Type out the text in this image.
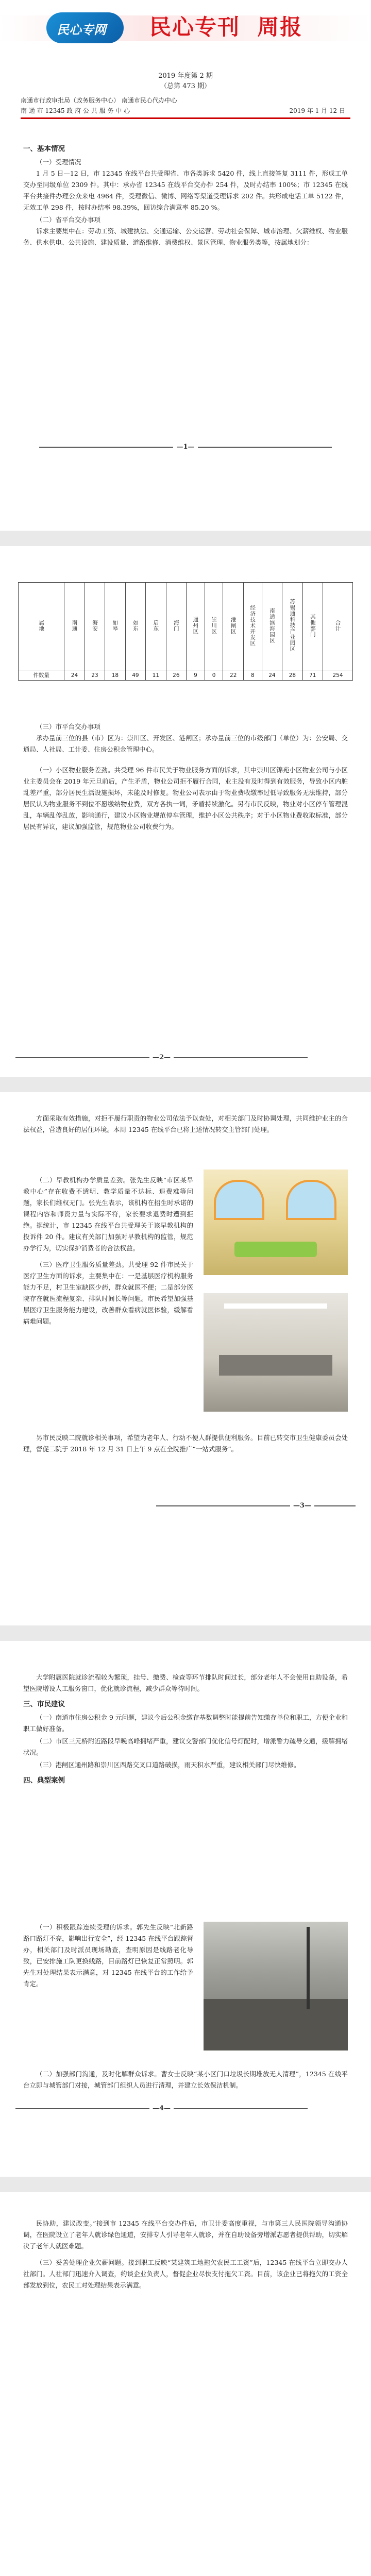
民心专网 民心专刊  周报
2019 年度第 2 期
（总第 473 期）
南通市行政审批局（政务服务中心） 南通市民心代办中心
南 通 市 12345 政 府 公 共 服 务 中 心	2019 年 1 月 12 日
一、基本情况
（一）受理情况

1 月 5 日—12 日，市 12345 在线平台共受理省、市各类诉求 5420 件，线上直接答复 3111 件，形成工单交办至同级单位 2309 件。其中：承办省 12345 在线平台交办件 254 件，及时办结率 100%；市 12345 在线平台共接件办理公众来电 4964 件，受理微信、微博、网络等渠道受理诉求 202 件。共形成电话工单 5122 件，无效工单 298 件，按时办结率 98.39%，回访综合满意率 85.20 %。

（二）省平台交办事项

诉求主要集中在：劳动工资、城建执法、交通运输、公交运营、劳动社会保障、城市治理、欠薪维权、物业服务、供水供电、公共设施、建设质量、道路维修、消费维权、景区管理、物业服务类等，按属地划分：

—1—
属地	南通	海安	如皋	如东	启东	海门	通州区	崇川区	港闸区	经济技术开发区	南通滨海园区	苏锡通科技产业园区	其他部门	合计
件数量	24	23	18	49	11	26	9	0	22	8	24	28	71	254
（三）市平台交办事项

承办量前三位的县（市）区为：崇川区、开发区、港闸区；承办量前三位的市级部门（单位）为：公安局、交通局、人社局、工计委、住房公积金管理中心。

（一）小区物业服务差劲。共受理 96 件市民关于物业服务方面的诉求，其中崇川区锦苑小区物业公司与小区业主委员会在 2019 年元旦前后，产生矛盾，物业公司拒不履行合同，业主没有及时得到有效服务，导致小区内脏乱差严重，部分居民生活设施损坏，未能及时修复。物业公司表示由于物业费收缴率过低导致服务无法维持，部分居民认为物业服务不到位不愿缴纳物业费，双方各执一词，矛盾持续激化。另有市民反映，物业对小区停车管理混乱，车辆乱停乱放，影响通行，建议小区物业规范停车管理，维护小区公共秩序；对于小区物业费收取标准，部分居民有异议，建议加强监管，规范物业公司收费行为。

—2—

方面采取有效措施，对拒不履行职责的物业公司依法予以查处，对相关部门及时协调处理，共同维护业主的合法权益，营造良好的居住环境。本周 12345 在线平台已将上述情况转交主管部门处理。

（二）早教机构办学质量差劲。张先生反映“市区某早教中心”存在收费不透明、教学质量不达标、退费难等问题，家长们维权无门。张先生表示，该机构在招生时承诺的课程内容和师资力量与实际不符，家长要求退费时遭到拒绝。据统计，市 12345 在线平台共受理关于该早教机构的投诉件 20 件。建议有关部门加强对早教机构的监管，规范办学行为，切实保护消费者的合法权益。

（三）医疗卫生服务质量差劲。共受理 92 件市民关于医疗卫生方面的诉求，主要集中在：一是基层医疗机构服务能力不足，村卫生室缺医少药，群众就医不便；二是部分医院存在就医流程复杂、排队时间长等问题。市民希望加强基层医疗卫生服务能力建设，改善群众看病就医体验，缓解看病难问题。

另市民反映二院就诊相关事项，希望为老年人、行动不便人群提供便利服务。目前已转交市卫生健康委员会处理，督促二院于 2018 年 12 月 31 日上午 9 点在全院推广“一站式服务”。

—3—

大学附属医院就诊流程较为繁琐，挂号、缴费、检查等环节排队时间过长，部分老年人不会使用自助设备，希望医院增设人工服务窗口，优化就诊流程，减少群众等待时间。

三、市民建议

（一）南通市住房公积金 9 元问题，建议今后公积金缴存基数调整时能提前告知缴存单位和职工，方便企业和职工做好准备。

（二）市区三元桥附近路段早晚高峰拥堵严重，建议交警部门优化信号灯配时，增派警力疏导交通，缓解拥堵状况。

（三）港闸区通州路和崇川区西路交叉口道路破损，雨天积水严重，建议相关部门尽快维修。

四、典型案例

（一）积极跟踪连续受理的诉求。郭先生反映“北新路路口路灯不亮，影响出行安全”，经 12345 在线平台跟踪督办，相关部门及时派员现场勘查，查明原因是线路老化导致，已安排施工队更换线路，目前路灯已恢复正常照明。郭先生对处理结果表示满意，对 12345 在线平台的工作给予肯定。

（二）加强部门沟通，及时化解群众诉求。曹女士反映“某小区门口垃圾长期堆放无人清理”，12345 在线平台立即与城管部门对接，城管部门组织人员进行清理，并建立长效保洁机制。

—4—

民协助，建议改变。”接到市 12345 在线平台交办件后，市卫计委高度重视，与市第三人民医院领导沟通协调，在医院设立了老年人就诊绿色通道，安排专人引导老年人就诊，并在自助设备旁增派志愿者提供帮助，切实解决了老年人就医难题。

（三）妥善处理企业欠薪问题。接到职工反映“某建筑工地拖欠农民工工资”后，12345 在线平台立即交办人社部门。人社部门迅速介入调查，约谈企业负责人，督促企业尽快支付拖欠工资。目前，该企业已将拖欠的工资全部发放到位，农民工对处理结果表示满意。
